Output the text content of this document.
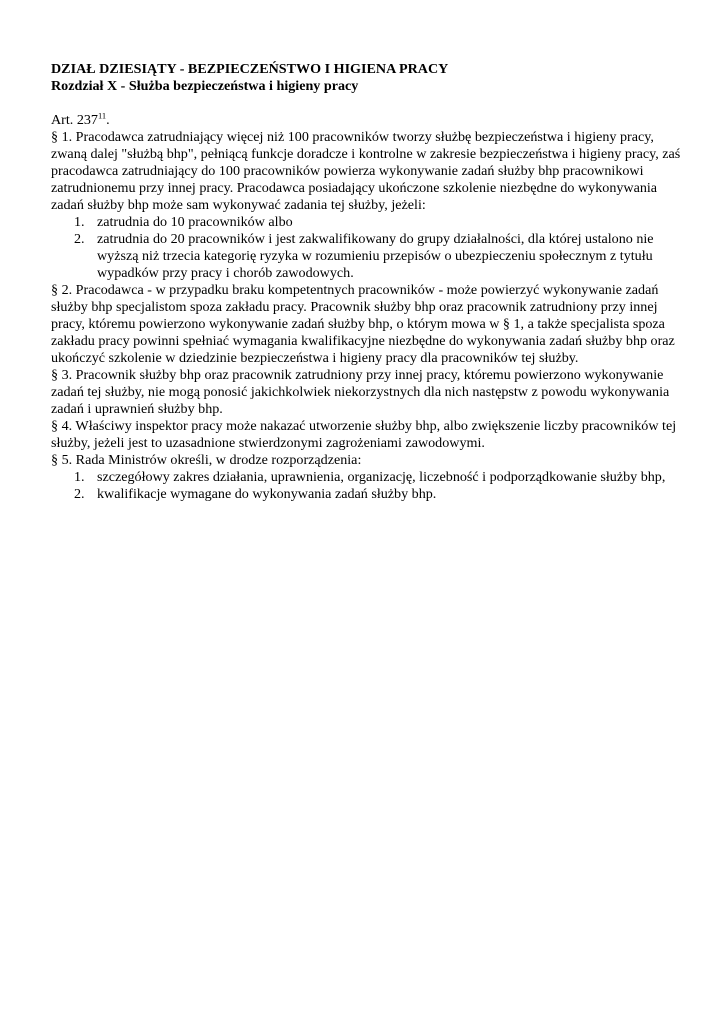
DZIAŁ DZIESIĄTY - BEZPIECZEŃSTWO I HIGIENA PRACY

Rozdział X - Służba bezpieczeństwa i higieny pracy

Art. $237^{11}$.

§ 1. Pracodawca zatrudniający więcej niż 100 pracowników tworzy służbę bezpieczeństwa i higieny pracy, zwaną dalej "służbą bhp", pełniącą funkcje doradcze i kontrolne w zakresie bezpieczeństwa i higieny pracy, zaś pracodawca zatrudniający do 100 pracowników powierza wykonywanie zadań służby bhp pracownikowi zatrudnionemu przy innej pracy. Pracodawca posiadający ukończone szkolenie niezbędne do wykonywania zadań służby bhp może sam wykonywać zadania tej służby, jeżeli:

1. zatrudnia do 10 pracowników albo
2. zatrudnia do 20 pracowników i jest zakwalifikowany do grupy działalności, dla której ustalono nie wyższą niż trzecia kategorię ryzyka w rozumieniu przepisów o ubezpieczeniu społecznym z tytułu wypadków przy pracy i chorób zawodowych.

§ 2. Pracodawca - w przypadku braku kompetentnych pracowników - może powierzyć wykonywanie zadań służby bhp specjalistom spoza zakładu pracy. Pracownik służby bhp oraz pracownik zatrudniony przy innej pracy, któremu powierzono wykonywanie zadań służby bhp, o którym mowa w § 1, a także specjalista spoza zakładu pracy powinni spełniać wymagania kwalifikacyjne niezbędne do wykonywania zadań służby bhp oraz ukończyć szkolenie w dziedzinie bezpieczeństwa i higieny pracy dla pracowników tej służby.

§ 3. Pracownik służby bhp oraz pracownik zatrudniony przy innej pracy, któremu powierzono wykonywanie zadań tej służby, nie mogą ponosić jakichkolwiek niekorzystnych dla nich następstw z powodu wykonywania zadań i uprawnień służby bhp.

§ 4. Właściwy inspektor pracy może nakazać utworzenie służby bhp, albo zwiększenie liczby pracowników tej służby, jeżeli jest to uzasadnione stwierdzonymi zagrożeniami zawodowymi.

§ 5. Rada Ministrów określi, w drodze rozporządzenia:

1. szczegółowy zakres działania, uprawnienia, organizację, liczebność i podporządkowanie służby bhp,
2. kwalifikacje wymagane do wykonywania zadań służby bhp.
